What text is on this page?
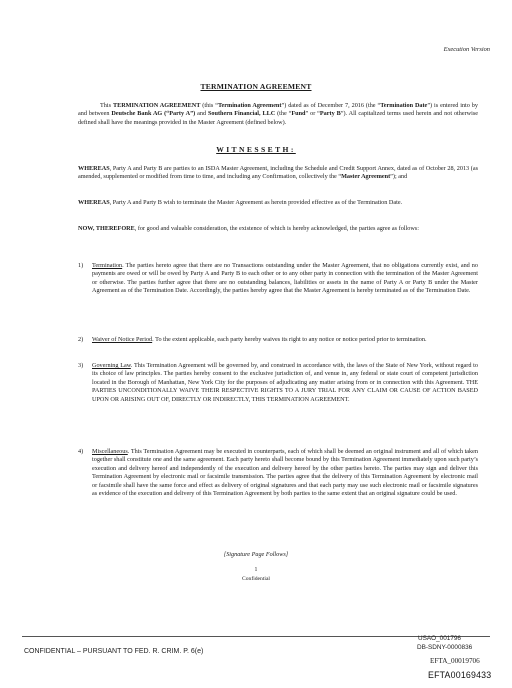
Execution Version
TERMINATION AGREEMENT
This TERMINATION AGREEMENT (this “Termination Agreement”) dated as of December 7, 2016 (the “Termination Date”) is entered into by and between Deutsche Bank AG (“Party A”) and Southern Financial, LLC (the “Fund” or “Party B”). All capitalized terms used herein and not otherwise defined shall have the meanings provided in the Master Agreement (defined below).
WITNESSETH:
WHEREAS, Party A and Party B are parties to an ISDA Master Agreement, including the Schedule and Credit Support Annex, dated as of October 28, 2013 (as amended, supplemented or modified from time to time, and including any Confirmation, collectively the “Master Agreement”); and
WHEREAS, Party A and Party B wish to terminate the Master Agreement as herein provided effective as of the Termination Date.
NOW, THEREFORE, for good and valuable consideration, the existence of which is hereby acknowledged, the parties agree as follows:
1) Termination. The parties hereto agree that there are no Transactions outstanding under the Master Agreement, that no obligations currently exist, and no payments are owed or will be owed by Party A and Party B to each other or to any other party in connection with the termination of the Master Agreement or otherwise. The parties further agree that there are no outstanding balances, liabilities or assets in the name of Party A or Party B under the Master Agreement as of the Termination Date. Accordingly, the parties hereby agree that the Master Agreement is hereby terminated as of the Termination Date.
2) Waiver of Notice Period. To the extent applicable, each party hereby waives its right to any notice or notice period prior to termination.
3) Governing Law. This Termination Agreement will be governed by, and construed in accordance with, the laws of the State of New York, without regard to its choice of law principles. The parties hereby consent to the exclusive jurisdiction of, and venue in, any federal or state court of competent jurisdiction located in the Borough of Manhattan, New York City for the purposes of adjudicating any matter arising from or in connection with this Agreement. THE PARTIES UNCONDITIONALLY WAIVE THEIR RESPECTIVE RIGHTS TO A JURY TRIAL FOR ANY CLAIM OR CAUSE OF ACTION BASED UPON OR ARISING OUT OF, DIRECTLY OR INDIRECTLY, THIS TERMINATION AGREEMENT.
4) Miscellaneous. This Termination Agreement may be executed in counterparts, each of which shall be deemed an original instrument and all of which taken together shall constitute one and the same agreement. Each party hereto shall become bound by this Termination Agreement immediately upon such party’s execution and delivery hereof and independently of the execution and delivery hereof by the other parties hereto. The parties may sign and deliver this Termination Agreement by electronic mail or facsimile transmission. The parties agree that the delivery of this Termination Agreement by electronic mail or facsimile shall have the same force and effect as delivery of original signatures and that each party may use such electronic mail or facsimile signatures as evidence of the execution and delivery of this Termination Agreement by both parties to the same extent that an original signature could be used.
[Signature Page Follows]
1
Confidential
CONFIDENTIAL – PURSUANT TO FED. R. CRIM. P. 6(e)
USAO_001796
DB-SDNY-0000836
EFTA_00019706
EFTA00169433
